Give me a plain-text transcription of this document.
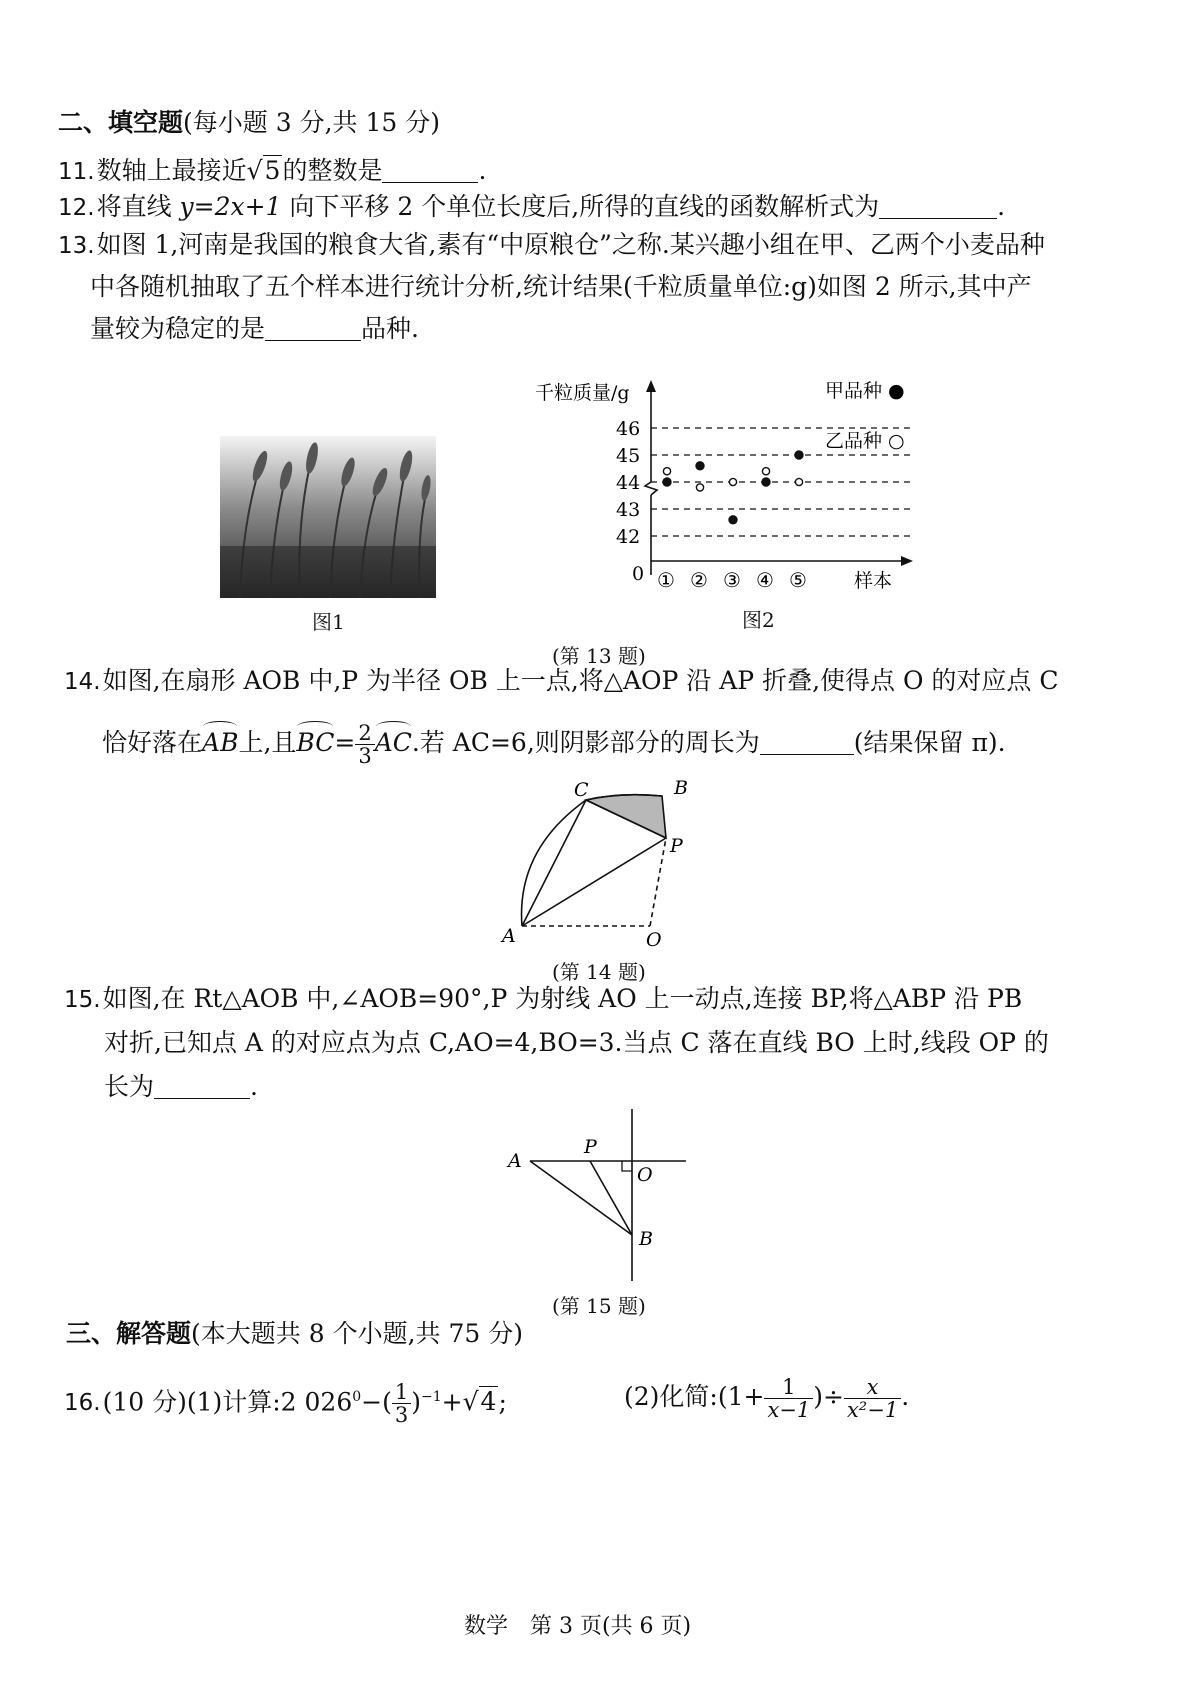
二、填空题(每小题 3 分,共 15 分)
11.数轴上最接近√5的整数是	.
12.将直线 y=2x+1 向下平移 2 个单位长度后,所得的直线的函数解析式为	.
13.如图 1,河南是我国的粮食大省,素有“中原粮仓”之称.某兴趣小组在甲、乙两个小麦品种
中各随机抽取了五个样本进行统计分析,统计结果(千粒质量单位:g)如图 2 所示,其中产
量较为稳定的是	品种.
图1
千粒质量/g
样本
0
42
43
44
45
46
① ② ③ ④ ⑤
甲品种 ●
乙品种 ○
图2
(第 13 题)
14.如图,在扇形 AOB 中,P 为半径 OB 上一点,将△AOP 沿 AP 折叠,使得点 O 的对应点 C
恰好落在AB上,且$BC= \frac{2}{3}$ AC.若 AC=6,则阴影部分的周长为	(结果保留 π).
C	B
P
A	O
(第 14 题)
15.如图,在 Rt△AOB 中,∠AOB=90°,P 为射线 AO 上一动点,连接 BP,将△ABP 沿 PB
对折,已知点 A 的对应点为点 C,AO=4,BO=3.当点 C 落在直线 BO 上时,线段 OP 的
长为	.
A
P
O
B
(第 15 题)
三、解答题(本大题共 8 个小题,共 75 分)
16.(10 分)(1)计算:2 $026^0-( \frac{1}{3} )^{-1}+√4$;	(2)化简:(1+ $\frac{1}{x-1}$ )÷ $\frac{x}{\text{x²−1}}$ .
数学　第 3 页(共 6 页)
